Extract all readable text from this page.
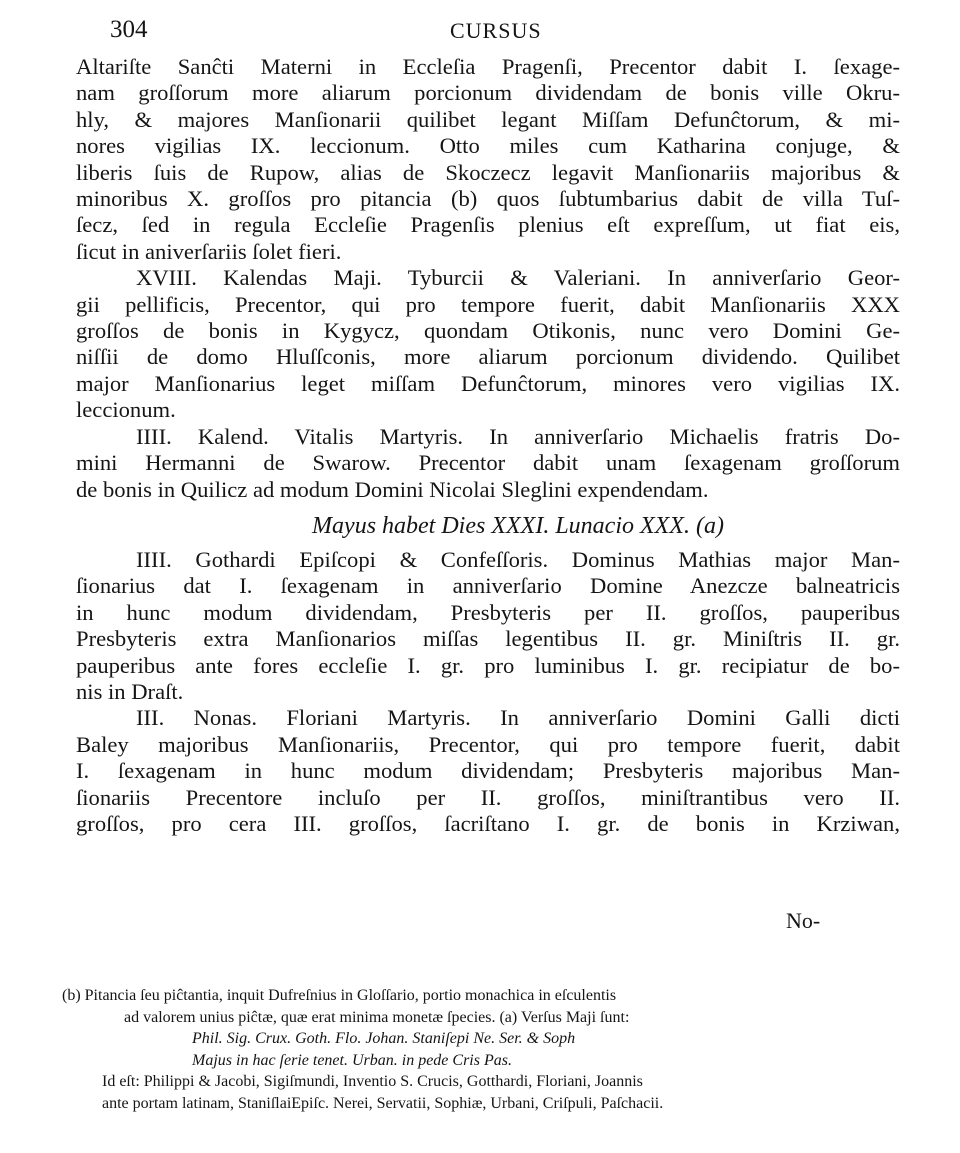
304	CURSUS
Altariſte Sanĉti Materni in Eccleſia Pragenſi, Precentor dabit I. ſexage-
nam groſſorum more aliarum porcionum dividendam de bonis ville Okru-
hly, & majores Manſionarii quilibet legant Miſſam Defunĉtorum, & mi-
nores vigilias IX. leccionum. Otto miles cum Katharina conjuge, &
liberis ſuis de Rupow, alias de Skoczecz legavit Manſionariis majoribus &
minoribus X. groſſos pro pitancia (b) quos ſubtumbarius dabit de villa Tuſ-
ſecz, ſed in regula Eccleſie Pragenſis plenius eſt expreſſum, ut fiat eis,
ſicut in aniverſariis ſolet fieri.
XVIII. Kalendas Maji. Tyburcii & Valeriani. In anniverſario Geor-
gii pellificis, Precentor, qui pro tempore fuerit, dabit Manſionariis XXX
groſſos de bonis in Kygycz, quondam Otikonis, nunc vero Domini Ge-
niſſii de domo Hluſſconis, more aliarum porcionum dividendo. Quilibet
major Manſionarius leget miſſam Defunĉtorum, minores vero vigilias IX.
leccionum.
IIII. Kalend. Vitalis Martyris. In anniverſario Michaelis fratris Do-
mini Hermanni de Swarow. Precentor dabit unam ſexagenam groſſorum
de bonis in Quilicz ad modum Domini Nicolai Sleglini expendendam.
Mayus habet Dies XXXI. Lunacio XXX. (a)
IIII. Gothardi Epiſcopi & Confeſſoris. Dominus Mathias major Man-
ſionarius dat I. ſexagenam in anniverſario Domine Anezcze balneatricis
in hunc modum dividendam, Presbyteris per II. groſſos, pauperibus
Presbyteris extra Manſionarios miſſas legentibus II. gr. Miniſtris II. gr.
pauperibus ante fores eccleſie I. gr. pro luminibus I. gr. recipiatur de bo-
nis in Draſt.
III. Nonas. Floriani Martyris. In anniverſario Domini Galli dicti
Baley majoribus Manſionariis, Precentor, qui pro tempore fuerit, dabit
I. ſexagenam in hunc modum dividendam; Presbyteris majoribus Man-
ſionariis Precentore incluſo per II. groſſos, miniſtrantibus vero II.
groſſos, pro cera III. groſſos, ſacriſtano I. gr. de bonis in Krziwan,
No-
(b) Pitancia ſeu piĉtantia, inquit Dufreſnius in Gloſſario, portio monachica in eſculentis
ad valorem unius piĉtæ, quæ erat minima monetæ ſpecies. (a) Verſus Maji ſunt:
Phil. Sig. Crux. Goth. Flo. Johan. Staniſepi Ne. Ser. & Soph
Majus in hac ſerie tenet. Urban. in pede Cris Pas.
Id eſt: Philippi & Jacobi, Sigiſmundi, Inventio S. Crucis, Gotthardi, Floriani, Joannis
ante portam latinam, StaniſlaiEpiſc. Nerei, Servatii, Sophiæ, Urbani, Criſpuli, Paſchacii.
